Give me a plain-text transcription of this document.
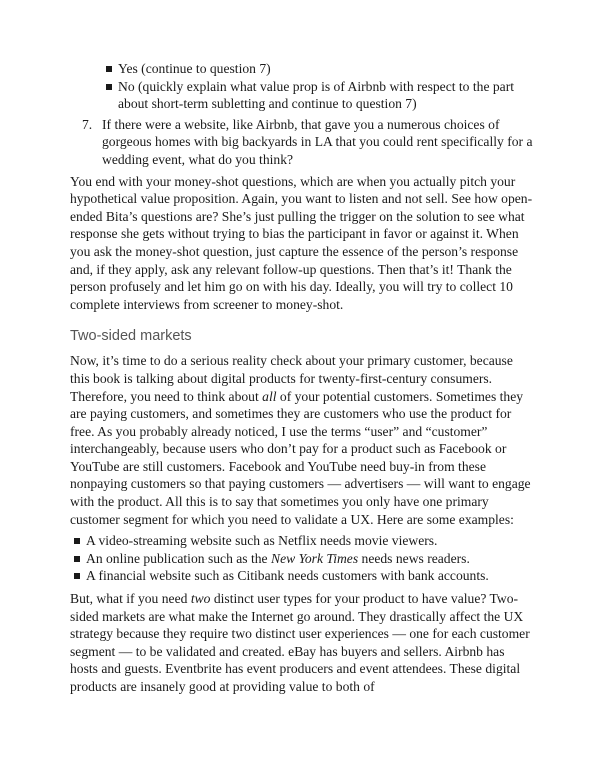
Yes (continue to question 7)

No (quickly explain what value prop is of Airbnb with respect to the part about short-term subletting and continue to question 7)

7. If there were a website, like Airbnb, that gave you a numerous choices of gorgeous homes with big backyards in LA that you could rent specifically for a wedding event, what do you think?

You end with your money-shot questions, which are when you actually pitch your hypothetical value proposition. Again, you want to listen and not sell. See how open-ended Bita’s questions are? She’s just pulling the trigger on the solution to see what response she gets without trying to bias the participant in favor or against it. When you ask the money-shot question, just capture the essence of the person’s response and, if they apply, ask any relevant follow-up questions. Then that’s it! Thank the person profusely and let him go on with his day. Ideally, you will try to collect 10 complete interviews from screener to money-shot.

Two-sided markets

Now, it’s time to do a serious reality check about your primary customer, because this book is talking about digital products for twenty-first-century consumers. Therefore, you need to think about all of your potential customers. Sometimes they are paying customers, and sometimes they are customers who use the product for free. As you probably already noticed, I use the terms “user” and “customer” interchangeably, because users who don’t pay for a product such as Facebook or YouTube are still customers. Facebook and YouTube need buy-in from these nonpaying customers so that paying customers — advertisers — will want to engage with the product. All this is to say that sometimes you only have one primary customer segment for which you need to validate a UX. Here are some examples:

A video-streaming website such as Netflix needs movie viewers.

An online publication such as the New York Times needs news readers.

A financial website such as Citibank needs customers with bank accounts.

But, what if you need two distinct user types for your product to have value? Two-sided markets are what make the Internet go around. They drastically affect the UX strategy because they require two distinct user experiences — one for each customer segment — to be validated and created. eBay has buyers and sellers. Airbnb has hosts and guests. Eventbrite has event producers and event attendees. These digital products are insanely good at providing value to both of
